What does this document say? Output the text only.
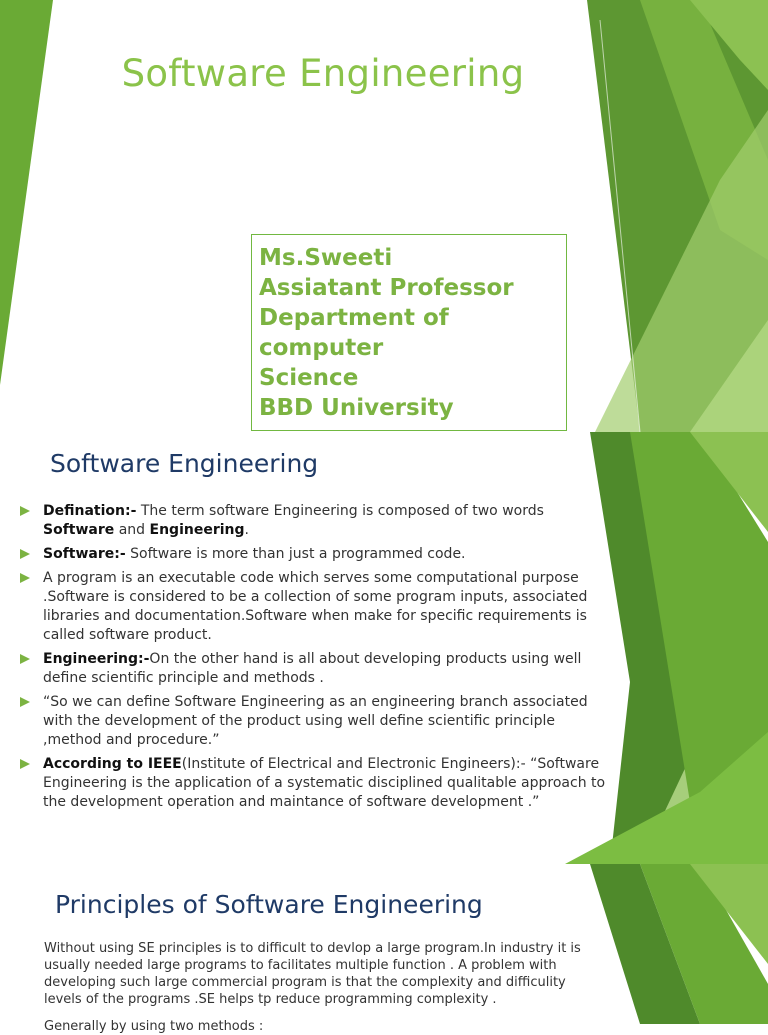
Software Engineering
Ms.Sweeti
Assiatant Professor
Department of computer
Science
BBD University
Software Engineering
Defination:- The term software Engineering is composed of two words Software and Engineering.
Software:- Software is more than just a programmed code.
A program is an executable code which serves some computational purpose .Software is considered to be a collection of some program inputs, associated libraries and documentation.Software when make for specific requirements is called software product.
Engineering:-On the other hand is all about developing products using well define scientific principle and methods .
“So we can define Software Engineering as an engineering branch associated with the development of the product using well define scientific principle ,method and procedure.”
According to IEEE(Institute of Electrical and Electronic Engineers):- “Software Engineering is the application of a systematic disciplined qualitable approach to the development operation and maintance of software development .”
Principles of Software Engineering

Without using SE principles is to difficult to devlop a large program.In industry it is usually needed large programs to facilitates multiple function . A problem with developing such large commercial program is that the complexity and difficulity levels of the programs .SE helps tp reduce programming complexity .

Generally by using two methods :
